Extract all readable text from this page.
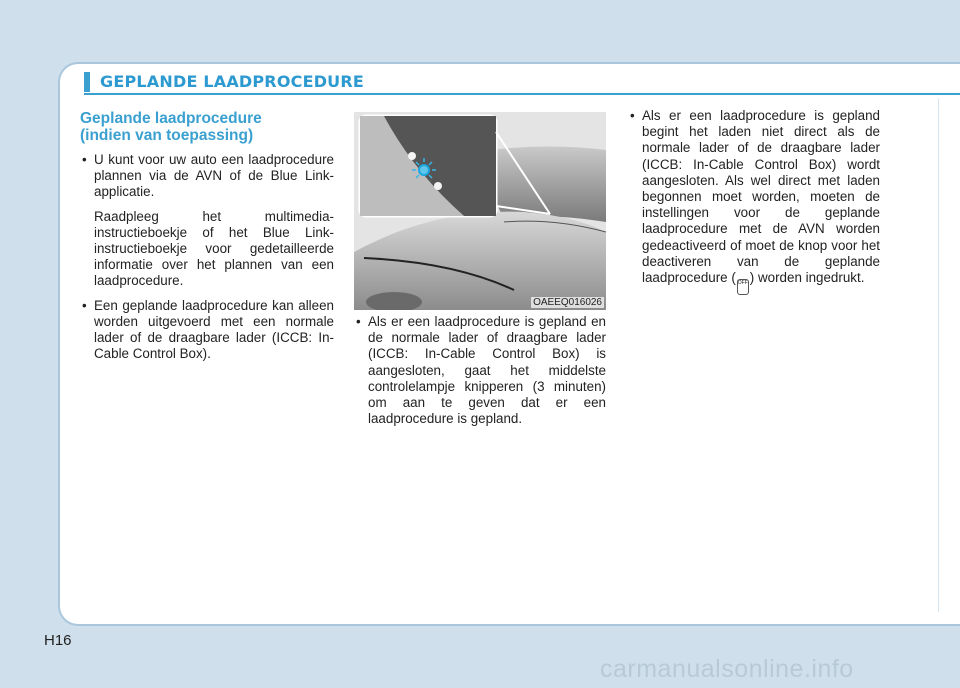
GEPLANDE LAADPROCEDURE
Geplande laadprocedure
(indien van toepassing)
• U kunt voor uw auto een laadprocedure plannen via de AVN of de Blue Link-applicatie.
Raadpleeg het multimedia-instructieboekje of het Blue Link-instructieboekje voor gedetailleerde informatie over het plannen van een laadprocedure.
• Een geplande laadprocedure kan alleen worden uitgevoerd met een normale lader of de draagbare lader (ICCB: In-Cable Control Box).
OAEEQ016026
• Als er een laadprocedure is gepland en de normale lader of draagbare lader (ICCB: In-Cable Control Box) is aangesloten, gaat het middelste controlelampje knipperen (3 minuten) om aan te geven dat er een laadprocedure is gepland.
• Als er een laadprocedure is gepland begint het laden niet direct als de normale lader of de draagbare lader (ICCB: In-Cable Control Box) wordt aangesloten. Als wel direct met laden begonnen moet worden, moeten de instellingen voor de geplande laadprocedure met de AVN worden gedeactiveerd of moet de knop voor het deactiveren van de geplande laadprocedure ( OFF ) worden ingedrukt.
H16
carmanualsonline.info
